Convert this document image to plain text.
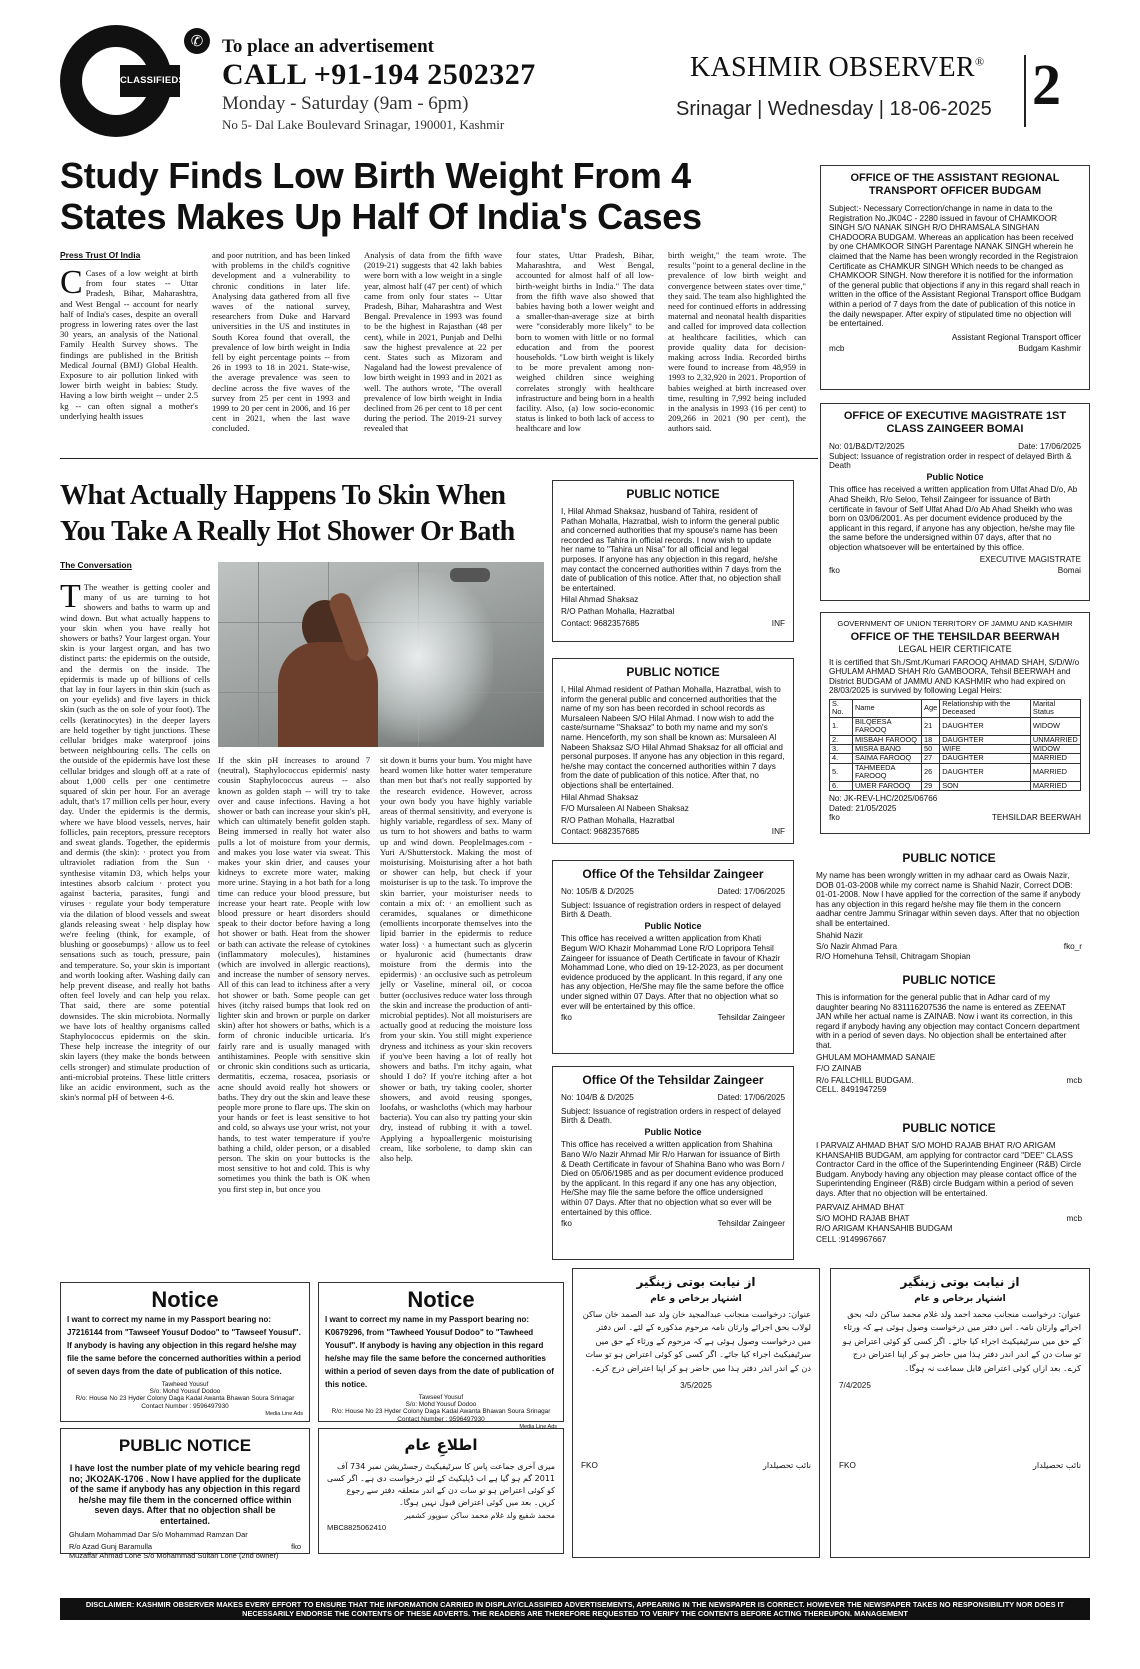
CLASSIFIEDS
✆ To place an advertisement
CALL +91-194 2502327
Monday - Saturday (9am - 6pm)
No 5- Dal Lake Boulevard Srinagar, 190001, Kashmir
KASHMIR OBSERVER®
Srinagar | Wednesday | 18-06-2025 2
Study Finds Low Birth Weight From 4 States Makes Up Half Of India's Cases
Press Trust Of India
C Cases of a low weight at birth from four states -- Uttar Pradesh, Bihar, Maharashtra, and West Bengal -- account for nearly half of India's cases, despite an overall progress in lowering rates over the last 30 years, an analysis of the National Family Health Survey shows. The findings are published in the British Medical Journal (BMJ) Global Health. Exposure to air pollution linked with lower birth weight in babies: Study. Having a low birth weight -- under 2.5 kg -- can often signal a mother's underlying health issues
and poor nutrition, and has been linked with problems in the child's cognitive development and a vulnerability to chronic conditions in later life. Analysing data gathered from all five waves of the national survey, researchers from Duke and Harvard universities in the US and institutes in South Korea found that overall, the prevalence of low birth weight in India fell by eight percentage points -- from 26 in 1993 to 18 in 2021. State-wise, the average prevalence was seen to decline across the five waves of the survey from 25 per cent in 1993 and 1999 to 20 per cent in 2006, and 16 per cent in 2021, when the last wave concluded.
Analysis of data from the fifth wave (2019-21) suggests that 42 lakh babies were born with a low weight in a single year, almost half (47 per cent) of which came from only four states -- Uttar Pradesh, Bihar, Maharashtra and West Bengal. Prevalence in 1993 was found to be the highest in Rajasthan (48 per cent), while in 2021, Punjab and Delhi saw the highest prevalence at 22 per cent. States such as Mizoram and Nagaland had the lowest prevalence of low birth weight in 1993 and in 2021 as well. The authors wrote, "The overall prevalence of low birth weight in India declined from 26 per cent to 18 per cent during the period. The 2019-21 survey revealed that
four states, Uttar Pradesh, Bihar, Maharashtra, and West Bengal, accounted for almost half of all low-birth-weight births in India." The data from the fifth wave also showed that babies having both a lower weight and a smaller-than-average size at birth were "considerably more likely" to be born to women with little or no formal education and from the poorest households. "Low birth weight is likely to be more prevalent among non-weighed children since weighing correlates strongly with healthcare infrastructure and being born in a health facility. Also, (a) low socio-economic status is linked to both lack of access to healthcare and low
birth weight," the team wrote. The results "point to a general decline in the prevalence of low birth weight and convergence between states over time," they said. The team also highlighted the need for continued efforts in addressing maternal and neonatal health disparities and called for improved data collection at healthcare facilities, which can provide quality data for decision-making across India. Recorded births were found to increase from 48,959 in 1993 to 2,32,920 in 2021. Proportion of babies weighed at birth increased over time, resulting in 7,992 being included in the analysis in 1993 (16 per cent) to 209,266 in 2021 (90 per cent), the authors said.
What Actually Happens To Skin When You Take A Really Hot Shower Or Bath
The Conversation
T The weather is getting cooler and many of us are turning to hot showers and baths to warm up and wind down. But what actually happens to your skin when you have really hot showers or baths? Your largest organ. Your skin is your largest organ, and has two distinct parts: the epidermis on the outside, and the dermis on the inside. The epidermis is made up of billions of cells that lay in four layers in thin skin (such as on your eyelids) and five layers in thick skin (such as the on sole of your foot). The cells (keratinocytes) in the deeper layers are held together by tight junctions. These cellular bridges make waterproof joins between neighbouring cells. The cells on the outside of the epidermis have lost these cellular bridges and slough off at a rate of about 1,000 cells per one centimetre squared of skin per hour. For an average adult, that's 17 million cells per hour, every day. Under the epidermis is the dermis, where we have blood vessels, nerves, hair follicles, pain receptors, pressure receptors and sweat glands. Together, the epidermis and dermis (the skin): · protect you from ultraviolet radiation from the Sun · synthesise vitamin D3, which helps your intestines absorb calcium · protect you against bacteria, parasites, fungi and viruses · regulate your body temperature via the dilation of blood vessels and sweat glands releasing sweat · help display how we're feeling (think, for example, of blushing or goosebumps) · allow us to feel sensations such as touch, pressure, pain and temperature. So, your skin is important and worth looking after. Washing daily can help prevent disease, and really hot baths often feel lovely and can help you relax. That said, there are some potential downsides. The skin microbiota. Normally we have lots of healthy organisms called Staphylococcus epidermis on the skin. These help increase the integrity of our skin layers (they make the bonds between cells stronger) and stimulate production of anti-microbial proteins. These little critters like an acidic environment, such as the skin's normal pH of between 4-6.
If the skin pH increases to around 7 (neutral), Staphylococcus epidermis' nasty cousin Staphylococcus aureus -- also known as golden staph -- will try to take over and cause infections. Having a hot shower or bath can increase your skin's pH, which can ultimately benefit golden staph. Being immersed in really hot water also pulls a lot of moisture from your dermis, and makes you lose water via sweat. This makes your skin drier, and causes your kidneys to excrete more water, making more urine. Staying in a hot bath for a long time can reduce your blood pressure, but increase your heart rate. People with low blood pressure or heart disorders should speak to their doctor before having a long hot shower or bath. Heat from the shower or bath can activate the release of cytokines (inflammatory molecules), histamines (which are involved in allergic reactions), and increase the number of sensory nerves. All of this can lead to itchiness after a very hot shower or bath. Some people can get hives (itchy raised bumps that look red on lighter skin and brown or purple on darker skin) after hot showers or baths, which is a form of chronic inducible urticaria. It's fairly rare and is usually managed with antihistamines. People with sensitive skin or chronic skin conditions such as urticaria, dermatitis, eczema, rosacea, psoriasis or acne should avoid really hot showers or baths. They dry out the skin and leave these people more prone to flare ups. The skin on your hands or feet is least sensitive to hot and cold, so always use your wrist, not your hands, to test water temperature if you're bathing a child, older person, or a disabled person. The skin on your buttocks is the most sensitive to hot and cold. This is why sometimes you think the bath is OK when you first step in, but once you
sit down it burns your bum. You might have heard women like hotter water temperature than men but that's not really supported by the research evidence. However, across your own body you have highly variable areas of thermal sensitivity, and everyone is highly variable, regardless of sex. Many of us turn to hot showers and baths to warm up and wind down. PeopleImages.com - Yuri A/Shutterstock. Making the most of moisturising. Moisturising after a hot bath or shower can help, but check if your moisturiser is up to the task. To improve the skin barrier, your moisturiser needs to contain a mix of: · an emollient such as ceramides, squalanes or dimethicone (emollients incorporate themselves into the lipid barrier in the epidermis to reduce water loss) · a humectant such as glycerin or hyaluronic acid (humectants draw moisture from the dermis into the epidermis) · an occlusive such as petroleum jelly or Vaseline, mineral oil, or cocoa butter (occlusives reduce water loss through the skin and increase the production of anti-microbial peptides). Not all moisturisers are actually good at reducing the moisture loss from your skin. You still might experience dryness and itchiness as your skin recovers if you've been having a lot of really hot showers and baths. I'm itchy again, what should I do? If you're itching after a hot shower or bath, try taking cooler, shorter showers, and avoid reusing sponges, loofahs, or washcloths (which may harbour bacteria). You can also try patting your skin dry, instead of rubbing it with a towel. Applying a hypoallergenic moisturising cream, like sorbolene, to damp skin can also help.
PUBLIC NOTICE

I, Hilal Ahmad Shaksaz, husband of Tahira, resident of Pathan Mohalla, Hazratbal, wish to inform the general public and concerned authorities that my spouse's name has been recorded as Tahira in official records. I now wish to update her name to "Tahira un Nisa" for all official and legal purposes. If anyone has any objection in this regard, he/she may contact the concerned authorities within 7 days from the date of publication of this notice. After that, no objection shall be entertained.

Hilal Ahmad Shaksaz

R/O Pathan Mohalla, Hazratbal

Contact: 9682357685	INF
PUBLIC NOTICE

I, Hilal Ahmad resident of Pathan Mohalla, Hazratbal, wish to inform the general public and concerned authorities that the name of my son has been recorded in school records as Mursaleen Nabeen S/O Hilal Ahmad. I now wish to add the caste/surname "Shaksaz" to both my name and my son's name. Henceforth, my son shall be known as: Mursaleen Al Nabeen Shaksaz S/O Hilal Ahmad Shaksaz for all official and personal purposes. If anyone has any objection in this regard, he/she may contact the concerned authorities within 7 days from the date of publication of this notice. After that, no objections shall be entertained.

Hilal Ahmad Shaksaz

F/O Mursaleen Al Nabeen Shaksaz

R/O Pathan Mohalla, Hazratbal

Contact: 9682357685	INF
Office Of the Tehsildar Zaingeer
No: 105/B & D/2025	Dated: 17/06/2025

Subject: Issuance of registration orders in respect of delayed Birth & Death.

Public Notice

This office has received a written application from Khati Begum W/O Khazir Mohammad Lone R/O Lopripora Tehsil Zaingeer for issuance of Death Certificate in favour of Khazir Mohammad Lone, who died on 19-12-2023, as per document evidence produced by the applicant. In this regard, if any one has any objection, He/She may file the same before the office under signed within 07 Days. After that no objection what so ever will be entertained by this office.

fko	Tehsildar Zaingeer
Office Of the Tehsildar Zaingeer
No: 104/B & D/2025	Dated: 17/06/2025

Subject: Issuance of registration orders in respect of delayed Birth & Death.

Public Notice

This office has received a written application from Shahina Bano W/o Nazir Ahmad Mir R/o Harwan for issuance of Birth & Death Certificate in favour of Shahina Bano who was Born / Died on 05/06/1985 and as per document evidence produced by the applicant. In this regard if any one has any objection, He/She may file the same before the office undersigned within 07 Days. After that no objection what so ever will be entertained by this office.

fko	Tehsildar Zaingeer
OFFICE OF THE ASSISTANT REGIONAL TRANSPORT OFFICER BUDGAM

Subject:- Necessary Correction/change in name in data to the Registration No.JK04C - 2280 issued in favour of CHAMKOOR SINGH S/O NANAK SINGH R/O DHRAMSALA SINGHAN CHADOORA BUDGAM. Whereas an application has been received by one CHAMKOOR SINGH Parentage NANAK SINGH wherein he claimed that the Name has been wrongly recorded in the Registraion Certificate as CHAMKUR SINGH Which needs to be changed as CHAMKOOR SINGH. Now therefore it is notified for the information of the general public that objections if any in this regard shall reach in written in the office of the Assistant Regional Transport office Budgam within a period of 7 days from the date of publication of this notice in the daily newspaper. After expiry of stipulated time no objection will be entertained.

Assistant Regional Transport officer

mcb	Budgam Kashmir
OFFICE OF EXECUTIVE MAGISTRATE 1ST CLASS ZAINGEER BOMAI
No: 01/B&D/T2/2025	Date: 17/06/2025

Subject: Issuance of registration order in respect of delayed Birth & Death

Public Notice

This office has received a written application from Ulfat Ahad D/o, Ab Ahad Sheikh, R/o Seloo, Tehsil Zaingeer for issuance of Birth certificate in favour of Self Ulfat Ahad D/o Ab Ahad Sheikh who was born on 03/06/2001. As per document evidence produced by the applicant in this regard, if anyone has any objection, he/she may file the same before the undersigned within 07 days, after that no objection whatsoever will be entertained by this office.

EXECUTIVE MAGISTRATE

fko	Bomai
GOVERNMENT OF UNION TERRITORY OF JAMMU AND KASHMIR
OFFICE OF THE TEHSILDAR BEERWAH
LEGAL HEIR CERTIFICATE

It is certified that Sh./Smt./Kumari FAROOQ AHMAD SHAH, S/D/W/o GHULAM AHMAD SHAH R/o GAMBOORA, Tehsil BEERWAH and District BUDGAM of JAMMU AND KASHMIR who had expired on 28/03/2025 is survived by following Legal Heirs:

S. No.	Name	Age	Relationship with the Deceased	Marital Status
1.	BILQEESA FAROOQ	21	DAUGHTER	WIDOW
2.	MISBAH FAROOQ	18	DAUGHTER	UNMARRIED
3.	MISRA BANO	50	WIFE	WIDOW
4.	SAIMA FAROOQ	27	DAUGHTER	MARRIED
5.	TAHMEEDA FAROOQ	26	DAUGHTER	MARRIED
6.	UMER FAROOQ	29	SON	MARRIED
No: JK-REV-LHC/2025/06766
Dated: 21/05/2025
fko	TEHSILDAR BEERWAH
PUBLIC NOTICE

My name has been wrongly written in my adhaar card as Owais Nazir, DOB 01-03-2008 while my correct name is Shahid Nazir, Correct DOB: 01-01-2008. Now I have applied for the correction of the same if anybody has any objection in this regard he/she may file them in the concern aadhar centre Jammu Srinagar within seven days. After that no objection shall be entertained.

Shahid Nazir

S/o Nazir Ahmad Para	fko_r

R/O Homehuna Tehsil, Chitragam Shopian

PUBLIC NOTICE

This is information for the general public that in Adhar card of my daughter bearing No 831116207536 the name is entered as ZEENAT JAN while her actual name is ZAINAB. Now i want its correction, in this regard if anybody having any objection may contact Concern department with in a period of seven days. No objection shall be entertained after that.

GHULAM MOHAMMAD SANAIE

F/O ZAINAB

R/o FALLCHILL BUDGAM.	mcb

CELL. 8491947259

PUBLIC NOTICE

I PARVAIZ AHMAD BHAT S/O MOHD RAJAB BHAT R/O ARIGAM KHANSAHIB BUDGAM, am applying for contractor card "DEE" CLASS Contractor Card in the office of the Superintending Engineer (R&B) Circle Budgam. Anybody having any objection may please contact office of the Superintending Engineer (R&B) circle Budgam within a period of seven days. After that no objection will be entertained.

PARVAIZ AHMAD BHAT

S/O MOHD RAJAB BHAT	mcb

R/O ARIGAM KHANSAHIB BUDGAM

CELL :9149967667

Notice

I want to correct my name in my Passport bearing no: J7216144 from "Tawseef Yousuf Dodoo" to "Tawseef Yousuf". If anybody is having any objection in this regard he/she may file the same before the concerned authorities within a period of seven days from the date of publication of this notice.

Tawheed Yousuf
S/o: Mohd Yousuf Dodoo
R/o: House No 23 Hyder Colony Daga Kadal Awanta Bhawan Soura Srinagar
Contact Number : 9596497930
Media Line Ads
Notice

I want to correct my name in my Passport bearing no: K0679296, from "Tawheed Yousuf Dodoo" to "Tawheed Yousuf". If anybody is having any objection in this regard he/she may file the same before the concerned authorities within a period of seven days from the date of publication of this notice.

Tawseef Yousuf
S/o: Mohd Yousuf Dodoo
R/o: House No 23 Hyder Colony Daga Kadal Awanta Bhawan Soura Srinagar
Contact Number : 9596497930
Media Line Ads
PUBLIC NOTICE

I have lost the number plate of my vehicle bearing regd no; JKO2AK-1706 . Now I have applied for the duplicate of the same if anybody has any objection in this regard he/she may file them in the concerned office within seven days. After that no objection shall be entertained.

Ghulam Mohammad Dar S/o Mohammad Ramzan Dar

R/o Azad Gunj Baramulla	fko

Muzaffar Ahmad Lone S/o Mohammad Sultan Lone (2nd owner)

اطلاعِ عام

میری آخری جماعت پاس کا سرٹیفیکیٹ رجسٹریشن نمبر 734 آف 2011 گم ہو گیا ہے اب ڈپلیکیٹ کے لئے درخواست دی ہے۔ اگر کسی کو کوئی اعتراض ہو تو سات دن کے اندر متعلقہ دفتر سے رجوع کریں۔ بعد میں کوئی اعتراض قبول نہیں ہوگا۔

محمد شفیع ولد غلام محمد ساکن سوپور کشمیر

MBC8825062410

از نیابت بوتی زینگیر
اشتہار برخاص و عام

عنوان: درخواست منجانب عبدالمجید خان ولد عبد الصمد خان ساکن لولاب بحق اجرائے وارثان نامہ مرحوم مذکورہ کے لئے۔ اس دفتر میں درخواست وصول ہوئی ہے کہ مرحوم کے ورثاء کے حق میں سرٹیفیکیٹ اجراء کیا جائے۔ اگر کسی کو کوئی اعتراض ہو تو سات دن کے اندر اندر دفتر ہذا میں حاضر ہو کر اپنا اعتراض درج کرے۔

3/5/2025

FKO	نائب تحصیلدار
از نیابت بوتی زینگیر
اشتہار برخاص و عام

عنوان: درخواست منجانب محمد احمد ولد غلام محمد ساکن دلنہ بحق اجرائے وارثان نامہ۔ اس دفتر میں درخواست وصول ہوئی ہے کہ ورثاء کے حق میں سرٹیفیکیٹ اجراء کیا جائے۔ اگر کسی کو کوئی اعتراض ہو تو سات دن کے اندر اندر دفتر ہذا میں حاضر ہو کر اپنا اعتراض درج کرے۔ بعد ازاں کوئی اعتراض قابل سماعت نہ ہوگا۔

7/4/2025

FKO	نائب تحصیلدار
DISCLAIMER: KASHMIR OBSERVER MAKES EVERY EFFORT TO ENSURE THAT THE INFORMATION CARRIED IN DISPLAY/CLASSIFIED ADVERTISEMENTS, APPEARING IN THE NEWSPAPER IS CORRECT. HOWEVER THE NEWSPAPER TAKES NO RESPONSIBILITY NOR DOES IT NECESSARILY ENDORSE THE CONTENTS OF THESE ADVERTS. THE READERS ARE THEREFORE REQUESTED TO VERIFY THE CONTENTS BEFORE ACTING THEREUPON. MANAGEMENT
